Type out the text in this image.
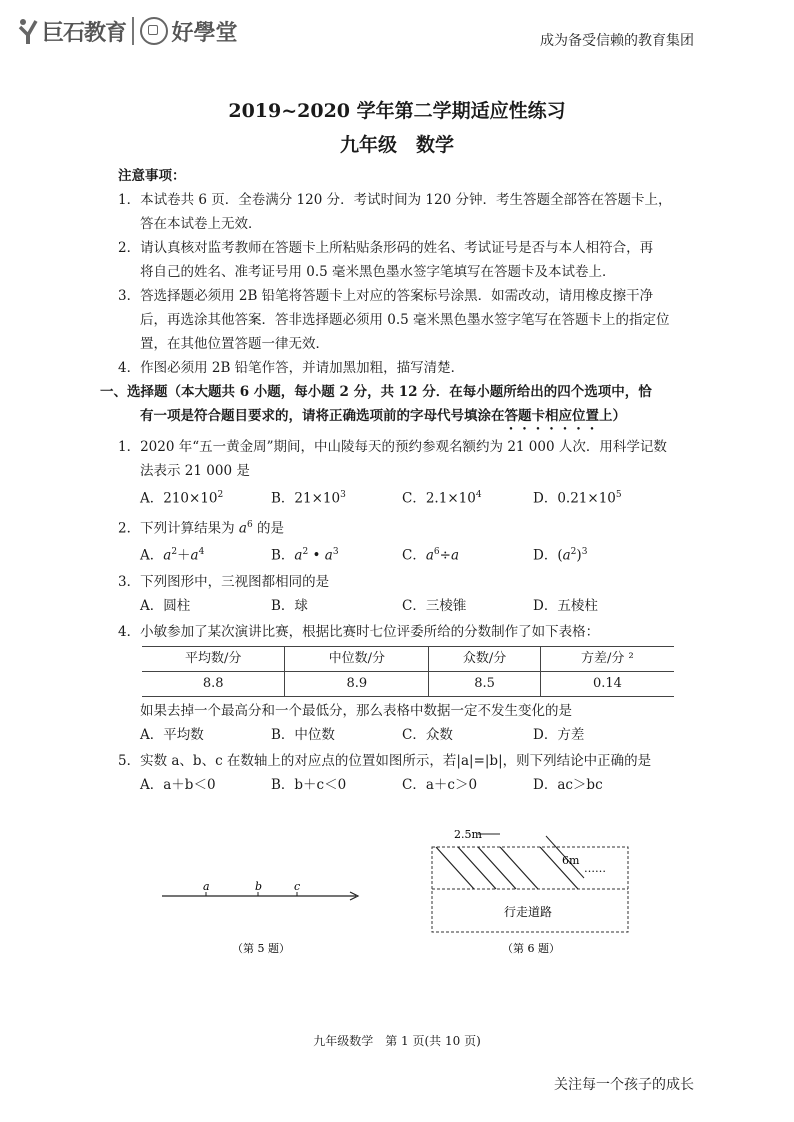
巨石教育 好學堂	成为备受信赖的教育集团
2019~2020 学年第二学期适应性练习
九年级　数学
注意事项：
1．本试卷共 6 页．全卷满分 120 分．考试时间为 120 分钟．考生答题全部答在答题卡上，
答在本试卷上无效．
2．请认真核对监考教师在答题卡上所粘贴条形码的姓名、考试证号是否与本人相符合，再
将自己的姓名、准考证号用 0.5 毫米黑色墨水签字笔填写在答题卡及本试卷上．
3．答选择题必须用 2B 铅笔将答题卡上对应的答案标号涂黑．如需改动，请用橡皮擦干净
后，再选涂其他答案．答非选择题必须用 0.5 毫米黑色墨水签字笔写在答题卡上的指定位
置，在其他位置答题一律无效．
4．作图必须用 2B 铅笔作答，并请加黑加粗，描写清楚．
一、选择题（本大题共 6 小题，每小题 2 分，共 12 分．在每小题所给出的四个选项中，恰
有一项是符合题目要求的，请将正确选项前的字母代号填涂在答题卡相应位置上）
1．2020 年“五一黄金周”期间，中山陵每天的预约参观名额约为 21 000 人次．用科学记数
法表示 21 000 是
A．$210\times 10^2$	B．$21\times 10^3$	C．$2.1\times 10^4$	D．$0.21\times 10^5$
2．下列计算结果为 $a^6$ 的是
A．$a^2+a^4$	B．$a^2$ • $a^3$	C．$a^6\div a$	D．$(a^2)^3$
3．下列图形中，三视图都相同的是
A．圆柱	B．球	C．三棱锥	D．五棱柱
4．小敏参加了某次演讲比赛，根据比赛时七位评委所给的分数制作了如下表格：
平均数/分	中位数/分	众数/分	方差/分 ²
8.8	8.9	8.5	0.14
如果去掉一个最高分和一个最低分，那么表格中数据一定不发生变化的是
A．平均数	B．中位数	C．众数	D．方差
5．实数 a、b、c 在数轴上的对应点的位置如图所示，若|a|=|b|，则下列结论中正确的是
A．a＋b＜0	B．b＋c＜0	C．a＋c＞0	D．ac＞bc
a	b	c
（第 5 题）
2.5m
6m
……
行走道路
（第 6 题）
九年级数学　第 1 页(共 10 页)
关注每一个孩子的成长
